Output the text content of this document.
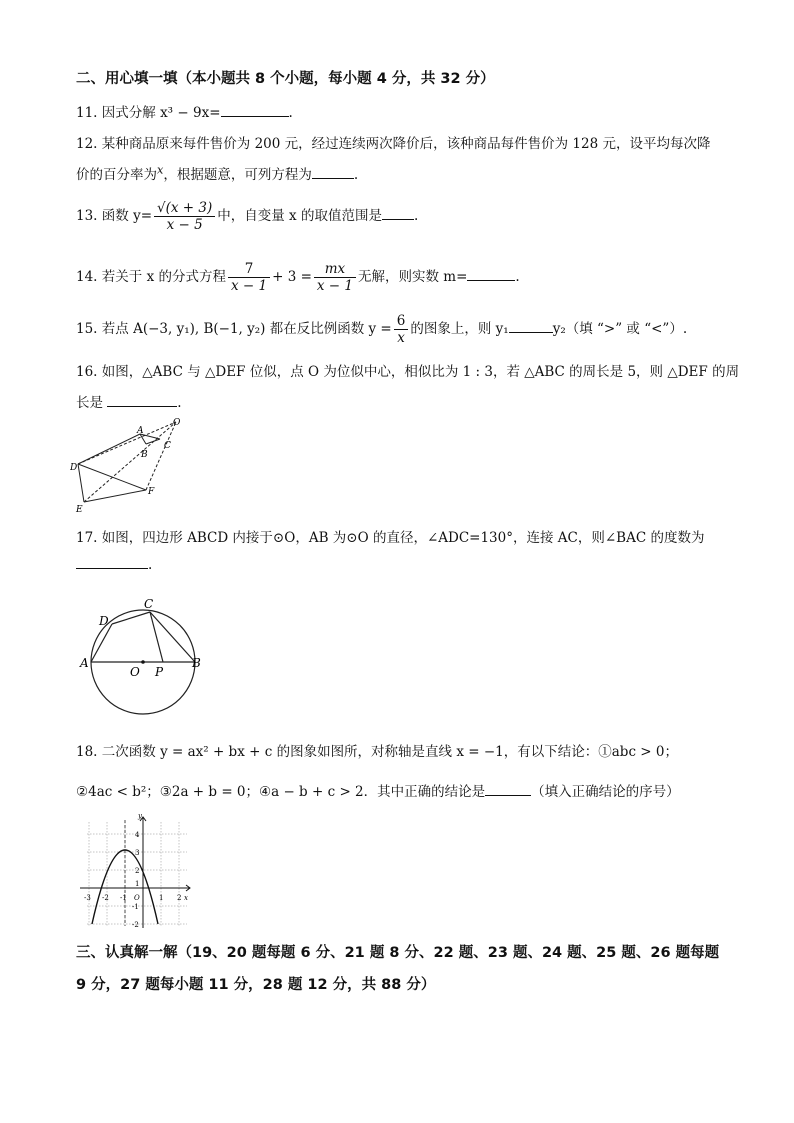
二、用心填一填（本小题共 8 个小题，每小题 4 分，共 32 分）
11. 因式分解 x³ − 9x=	.
12. 某种商品原来每件售价为 200 元，经过连续两次降价后，该种商品每件售价为 128 元，设平均每次降
价的百分率为$^x$，根据题意，可列方程为	.
13. 函数 $y= \frac{√(x + 3)}{x - 5}$ 中，自变量 x 的取值范围是 .
14. 若关于 x 的分式方程 $\frac{7}{x - 1} + 3 = \frac{mx}{x - 1}$ 无解，则实数 m=	.
15. 若点 A(−3, y₁), B(−1, y₂) 都在反比例函数 $y = \frac{6}{x}$ 的图象上，则 y₁	y₂（填 “>” 或 “<”）.
16. 如图，△ABC 与 △DEF 位似，点 O 为位似中心，相似比为 1 : 3，若 △ABC 的周长是 5，则 △DEF 的周
长是	.
O
A
B
C
D
E
F
17. 如图，四边形 ABCD 内接于⊙O，AB 为⊙O 的直径，∠ADC=130°，连接 AC，则∠BAC 的度数为
.
A	B
C
D
O P
18. 二次函数 y = ax² + bx + c 的图象如图所，对称轴是直线 x = −1，有以下结论：①abc > 0；
②4ac < b²；③2a + b = 0；④a − b + c > 2．其中正确的结论是	（填入正确结论的序号）
y
x
O
-3 -2 -1	1 2
4
3
2
1
-1
-2
三、认真解一解（19、20 题每题 6 分、21 题 8 分、22 题、23 题、24 题、25 题、26 题每题
9 分，27 题每小题 11 分，28 题 12 分，共 88 分）
